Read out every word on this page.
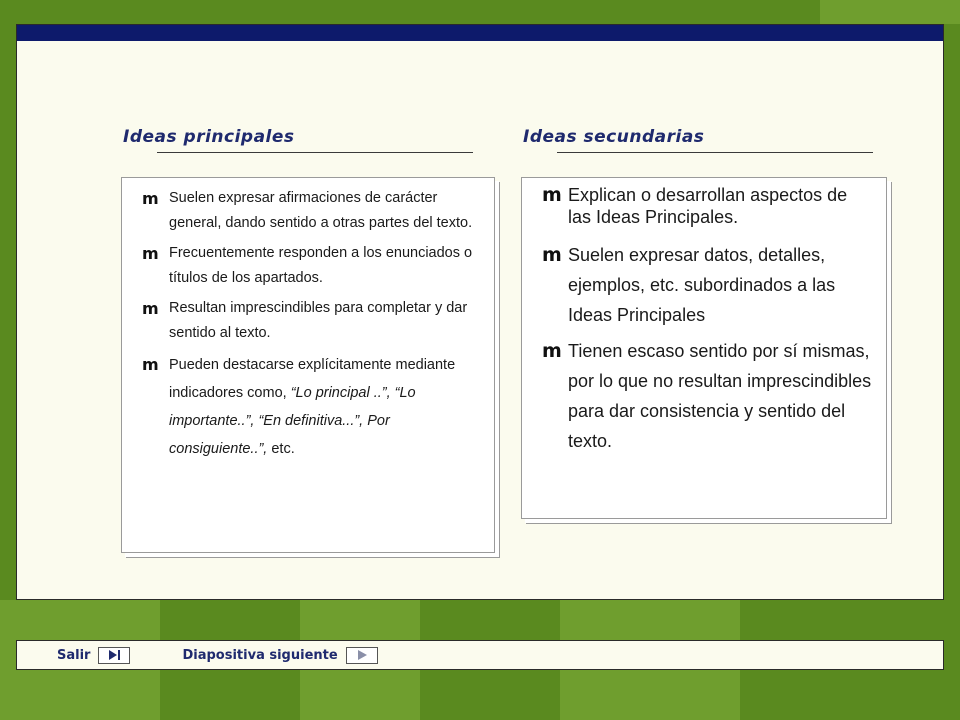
Ideas principales
m Suelen expresar afirmaciones de carácter general, dando sentido a otras partes del texto.
m Frecuentemente responden a los enunciados o títulos de los apartados.
m Resultan imprescindibles para completar y dar sentido al texto.
m Pueden destacarse explícitamente mediante indicadores como, “Lo principal ..”, “Lo importante..”, “En definitiva...”, Por consiguiente..”, etc.
Ideas secundarias
m Explican o desarrollan aspectos de las Ideas Principales.
m Suelen expresar datos, detalles, ejemplos, etc. subordinados a las Ideas Principales
m Tienen escaso sentido por sí mismas, por lo que no resultan imprescindibles para dar consistencia y sentido del texto.
Salir	Diapositiva siguiente
